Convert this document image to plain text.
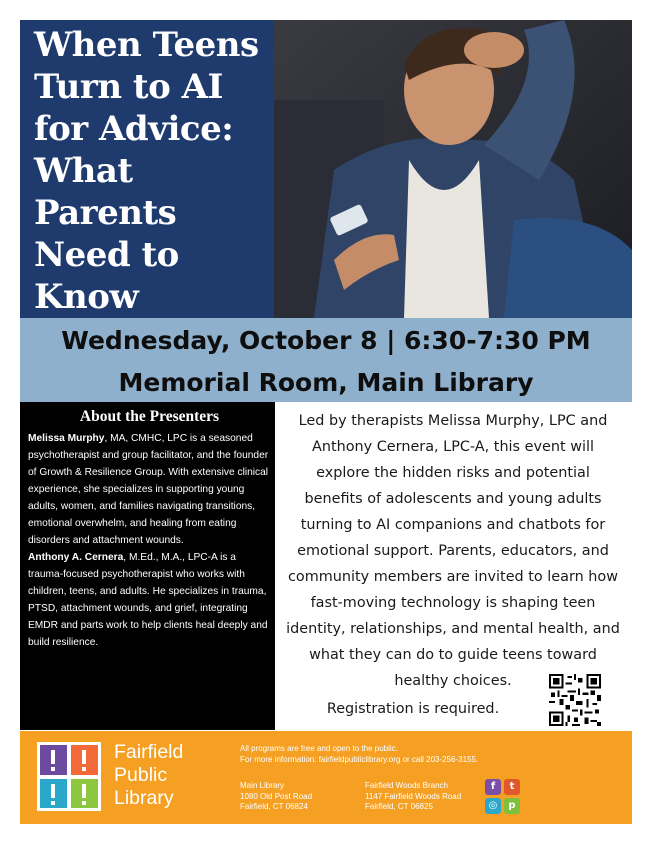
When Teens
Turn to AI
for Advice:
What
Parents
Need to
Know
Wednesday, October 8 | 6:30-7:30 PM
Memorial Room, Main Library
About the Presenters

Melissa Murphy, MA, CMHC, LPC is a seasoned psychotherapist and group facilitator, and the founder of Growth & Resilience Group. With extensive clinical experience, she specializes in supporting young adults, women, and families navigating transitions, emotional overwhelm, and healing from eating disorders and attachment wounds.

Anthony A. Cernera, M.Ed., M.A., LPC-A is a trauma-focused psychotherapist who works with children, teens, and adults. He specializes in trauma, PTSD, attachment wounds, and grief, integrating EMDR and parts work to help clients heal deeply and build resilience.

Led by therapists Melissa Murphy, LPC and
Anthony Cernera, LPC-A, this event will
explore the hidden risks and potential
benefits of adolescents and young adults
turning to AI companions and chatbots for
emotional support. Parents, educators, and
community members are invited to learn how
fast-moving technology is shaping teen
identity, relationships, and mental health, and
what they can do to guide teens toward
healthy choices.
Registration is required.
Fairfield
Public
Library
All programs are free and open to the public.
For more information: fairfieldpubliclibrary.org or call 203-256-3155.
Main Library
1080 Old Post Road
Fairfield, CT 06824
Fairfield Woods Branch
1147 Fairfield Woods Road
Fairfield, CT 06825
f	t
◎	p
